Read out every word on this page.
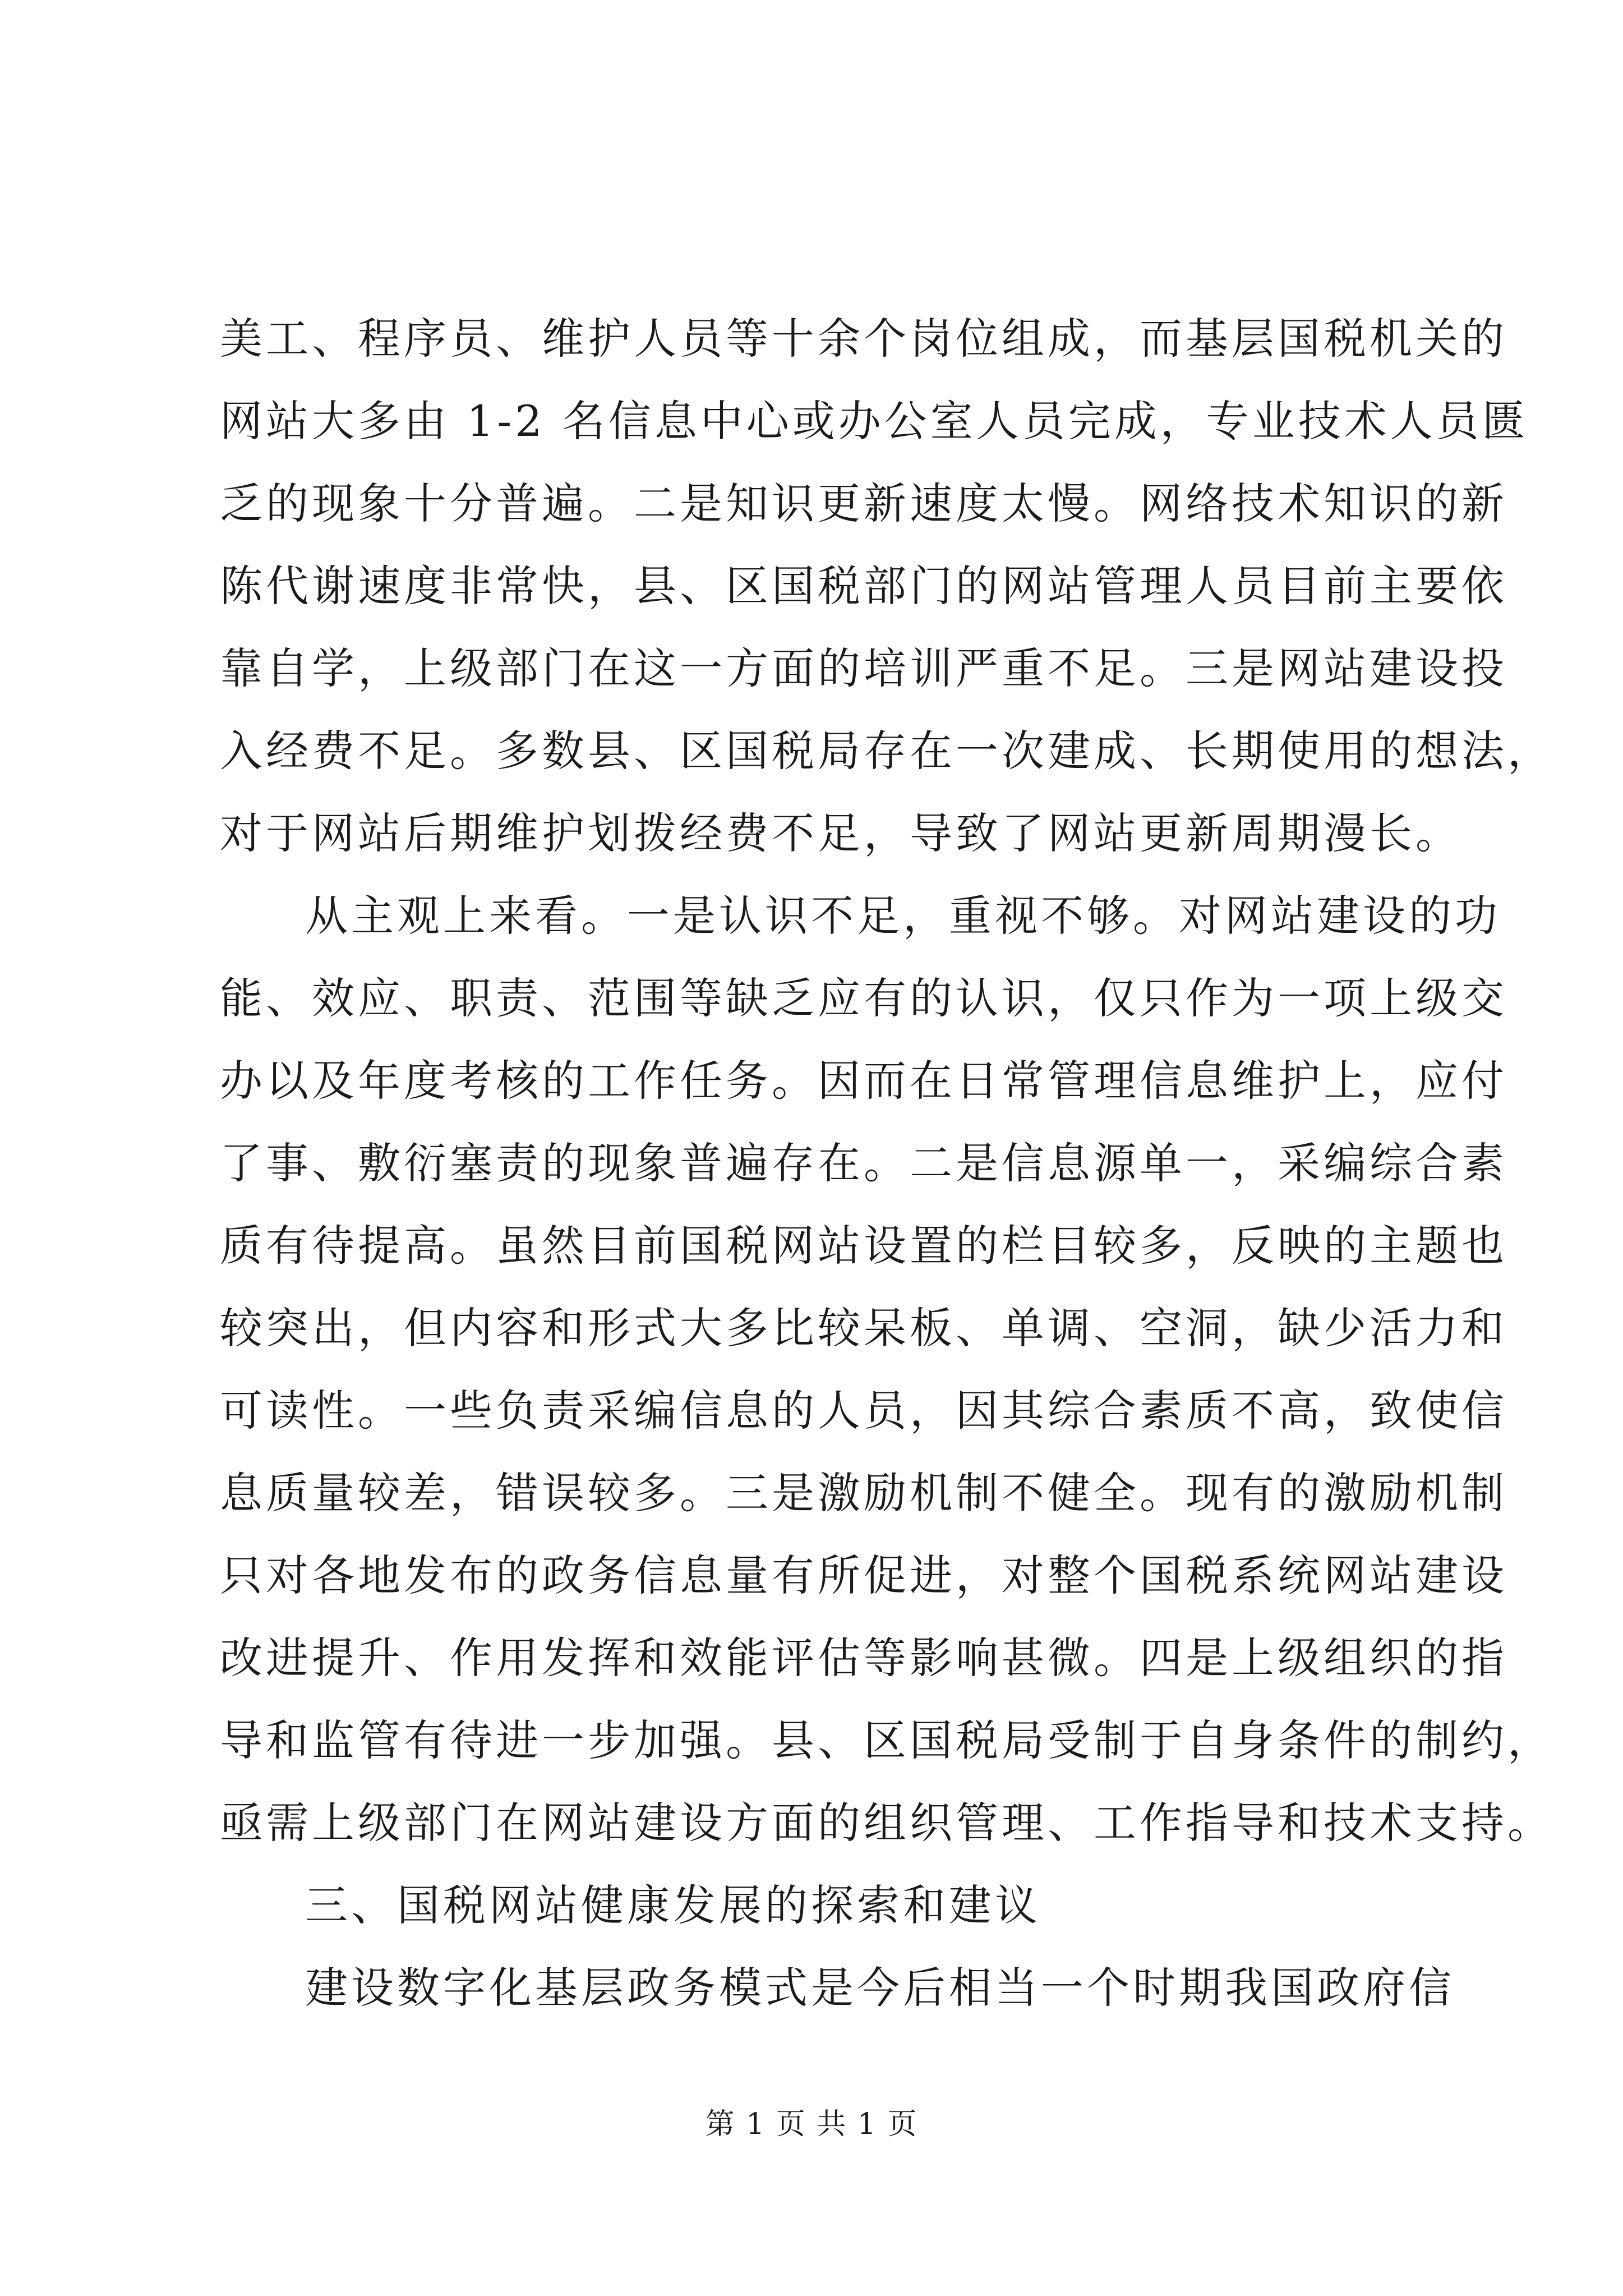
美工、程序员、维护人员等十余个岗位组成，而基层国税机关的
网站大多由 1-2 名信息中心或办公室人员完成，专业技术人员匮
乏的现象十分普遍。二是知识更新速度太慢。网络技术知识的新
陈代谢速度非常快，县、区国税部门的网站管理人员目前主要依
靠自学，上级部门在这一方面的培训严重不足。三是网站建设投
入经费不足。多数县、区国税局存在一次建成、长期使用的想法，
对于网站后期维护划拨经费不足，导致了网站更新周期漫长。
从主观上来看。一是认识不足，重视不够。对网站建设的功
能、效应、职责、范围等缺乏应有的认识，仅只作为一项上级交
办以及年度考核的工作任务。因而在日常管理信息维护上，应付
了事、敷衍塞责的现象普遍存在。二是信息源单一，采编综合素
质有待提高。虽然目前国税网站设置的栏目较多，反映的主题也
较突出，但内容和形式大多比较呆板、单调、空洞，缺少活力和
可读性。一些负责采编信息的人员，因其综合素质不高，致使信
息质量较差，错误较多。三是激励机制不健全。现有的激励机制
只对各地发布的政务信息量有所促进，对整个国税系统网站建设
改进提升、作用发挥和效能评估等影响甚微。四是上级组织的指
导和监管有待进一步加强。县、区国税局受制于自身条件的制约，
亟需上级部门在网站建设方面的组织管理、工作指导和技术支持。
三、国税网站健康发展的探索和建议
建设数字化基层政务模式是今后相当一个时期我国政府信
第 1 页 共 1 页
